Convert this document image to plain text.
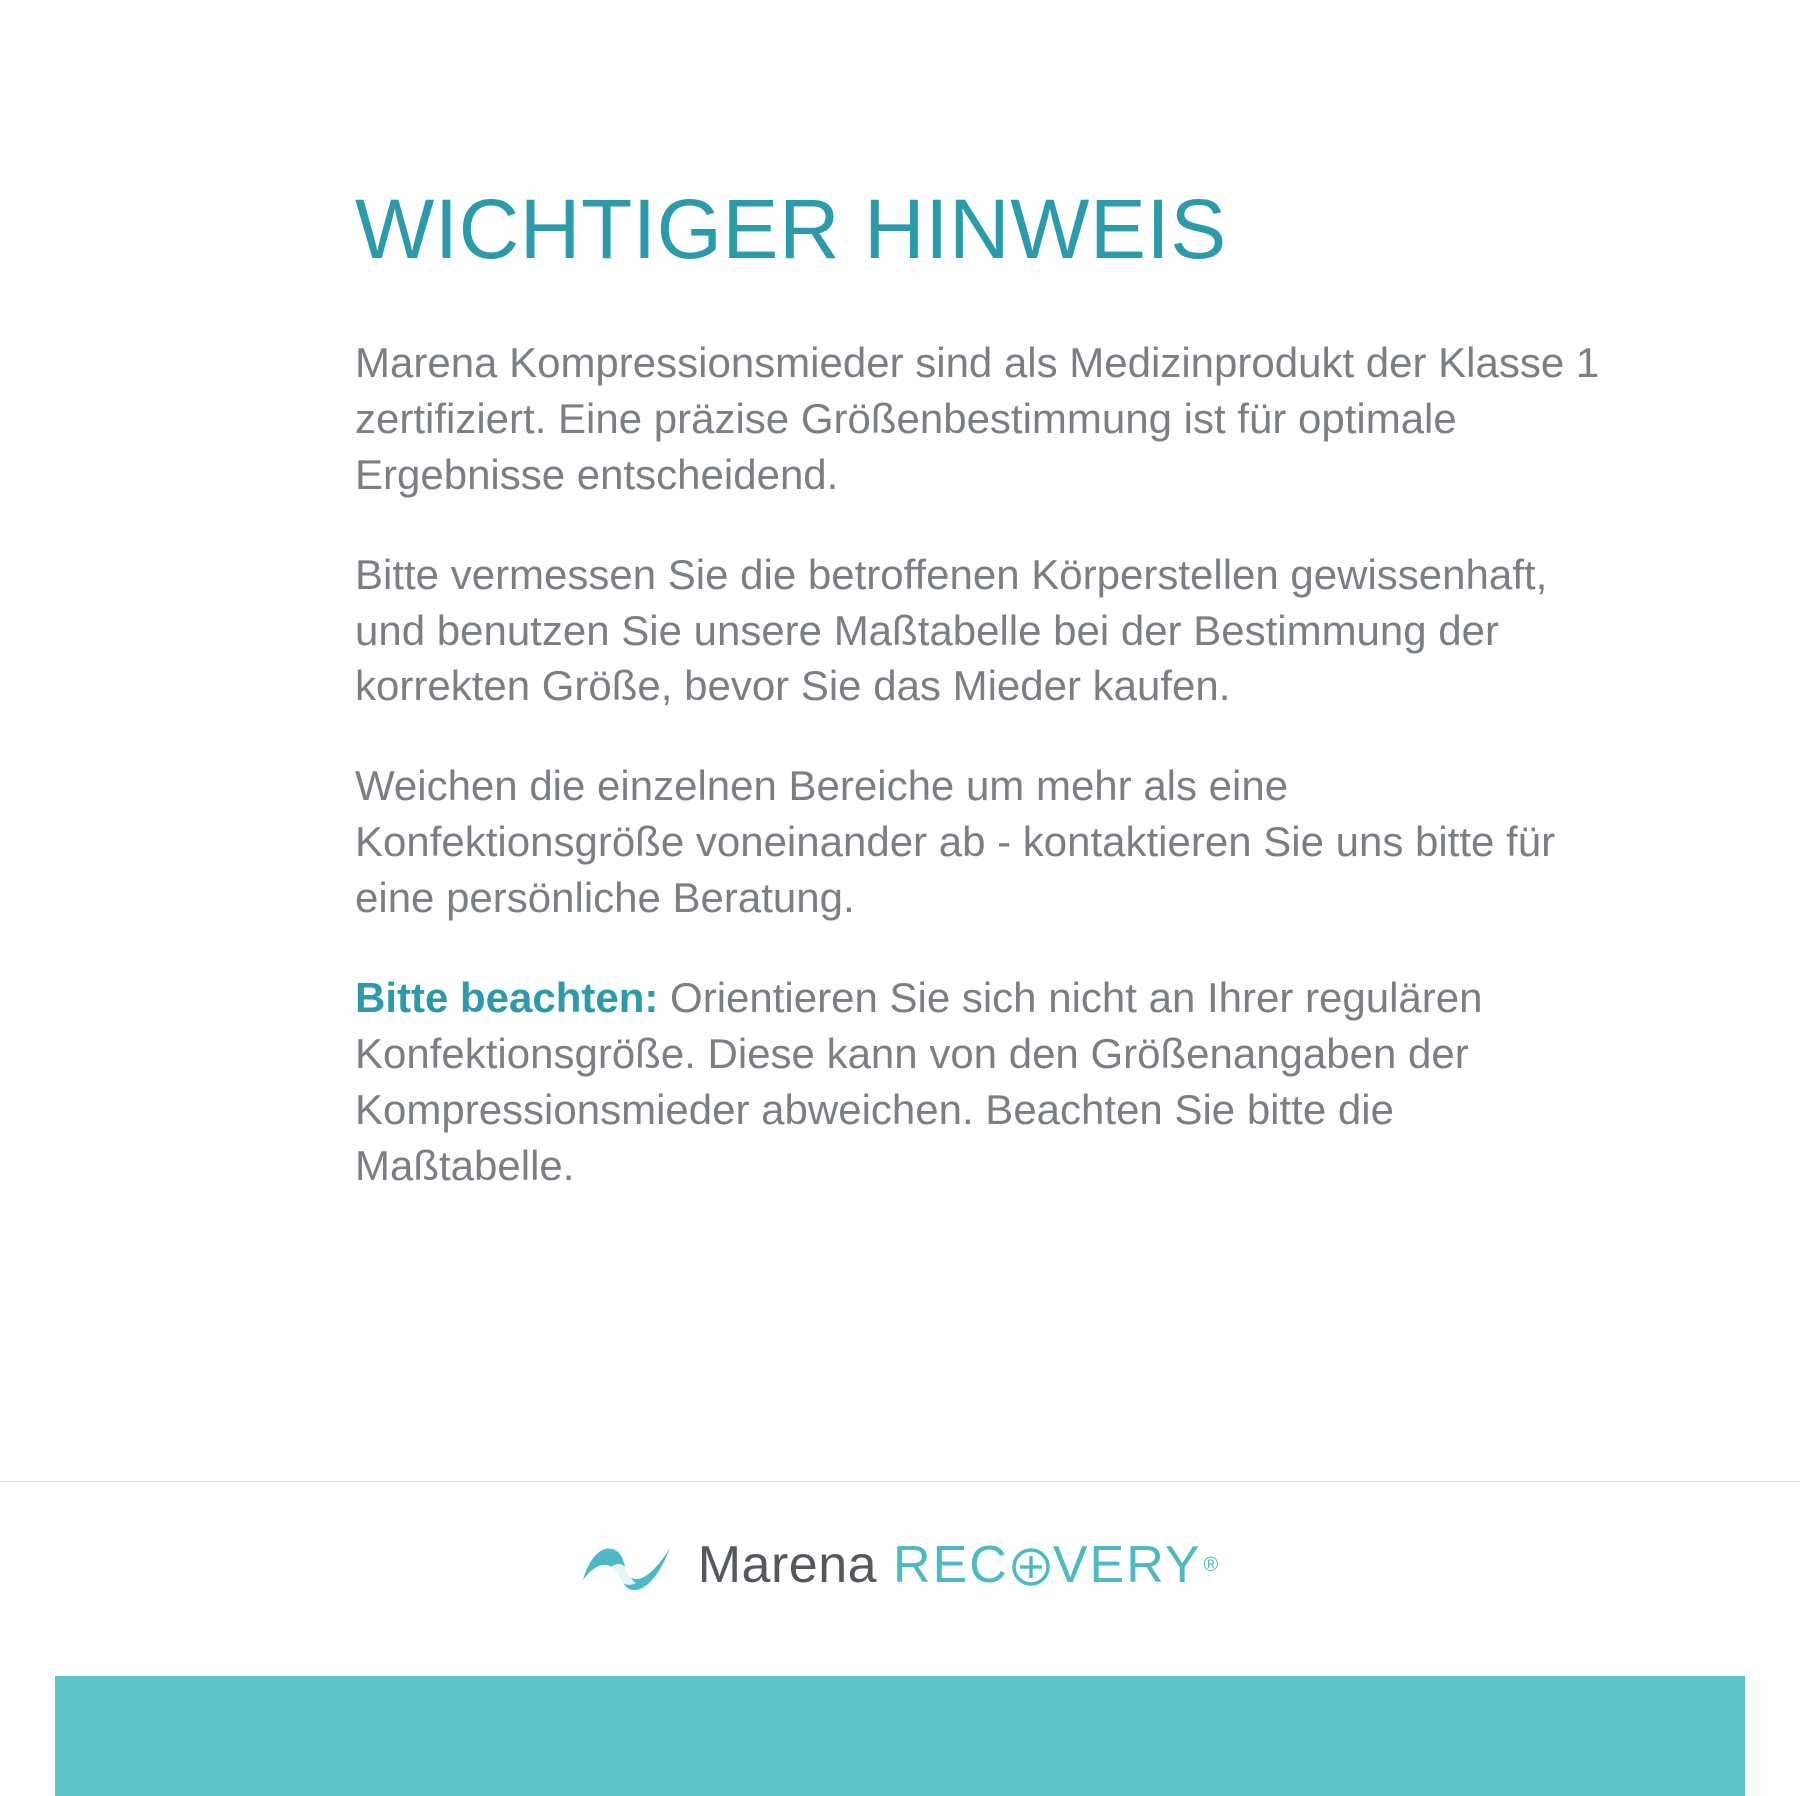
WICHTIGER HINWEIS

Marena Kompressionsmieder sind als Medizinprodukt der Klasse 1 zertifiziert. Eine präzise Größenbestimmung ist für optimale Ergebnisse entscheidend.

Bitte vermessen Sie die betroffenen Körperstellen gewissenhaft, und benutzen Sie unsere Maßtabelle bei der Bestimmung der korrekten Größe, bevor Sie das Mieder kaufen.

Weichen die einzelnen Bereiche um mehr als eine Konfektionsgröße voneinander ab - kontaktieren Sie uns bitte für eine persönliche Beratung.

Bitte beachten: Orientieren Sie sich nicht an Ihrer regulären Konfektionsgröße. Diese kann von den Größenangaben der Kompressionsmieder abweichen. Beachten Sie bitte die Maßtabelle.

Marena REC VERY ®
